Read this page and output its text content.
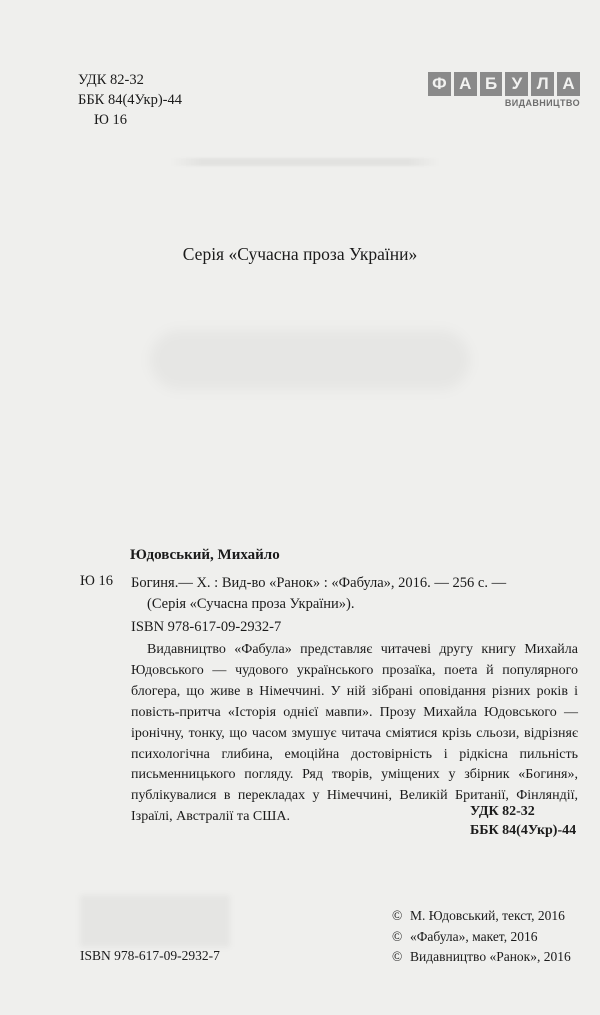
УДК 82-32
ББК 84(4Укр)-44
Ю 16
Ф А Б У Л А
ВИДАВНИЦТВО
Серія «Сучасна проза України»
Юдовський, Михайло
Ю 16 Богиня.— Х. : Вид-во «Ранок» : «Фабула», 2016. — 256 с. —
(Серія «Сучасна проза України»).
ISBN 978-617-09-2932-7
Видавництво «Фабула» представляє читачеві другу книгу Михайла Юдовського — чудового українського прозаїка, поета й популярного блогера, що живе в Німеччині. У ній зібрані оповідання різних років і повість-притча «Історія однієї мавпи». Прозу Михайла Юдовського — іронічну, тонку, що часом змушує читача сміятися крізь сльози, відрізняє психологічна глибина, емоційна достовірність і рідкісна пильність письменницького погляду. Ряд творів, уміщених у збірник «Богиня», публікувалися в перекладах у Німеччині, Великій Британії, Фінляндії, Ізраїлі, Австралії та США.	УДК 82-32
ББК 84(4Укр)-44
ISBN 978-617-09-2932-7
© М. Юдовський, текст, 2016
© «Фабула», макет, 2016
© Видавництво «Ранок», 2016
